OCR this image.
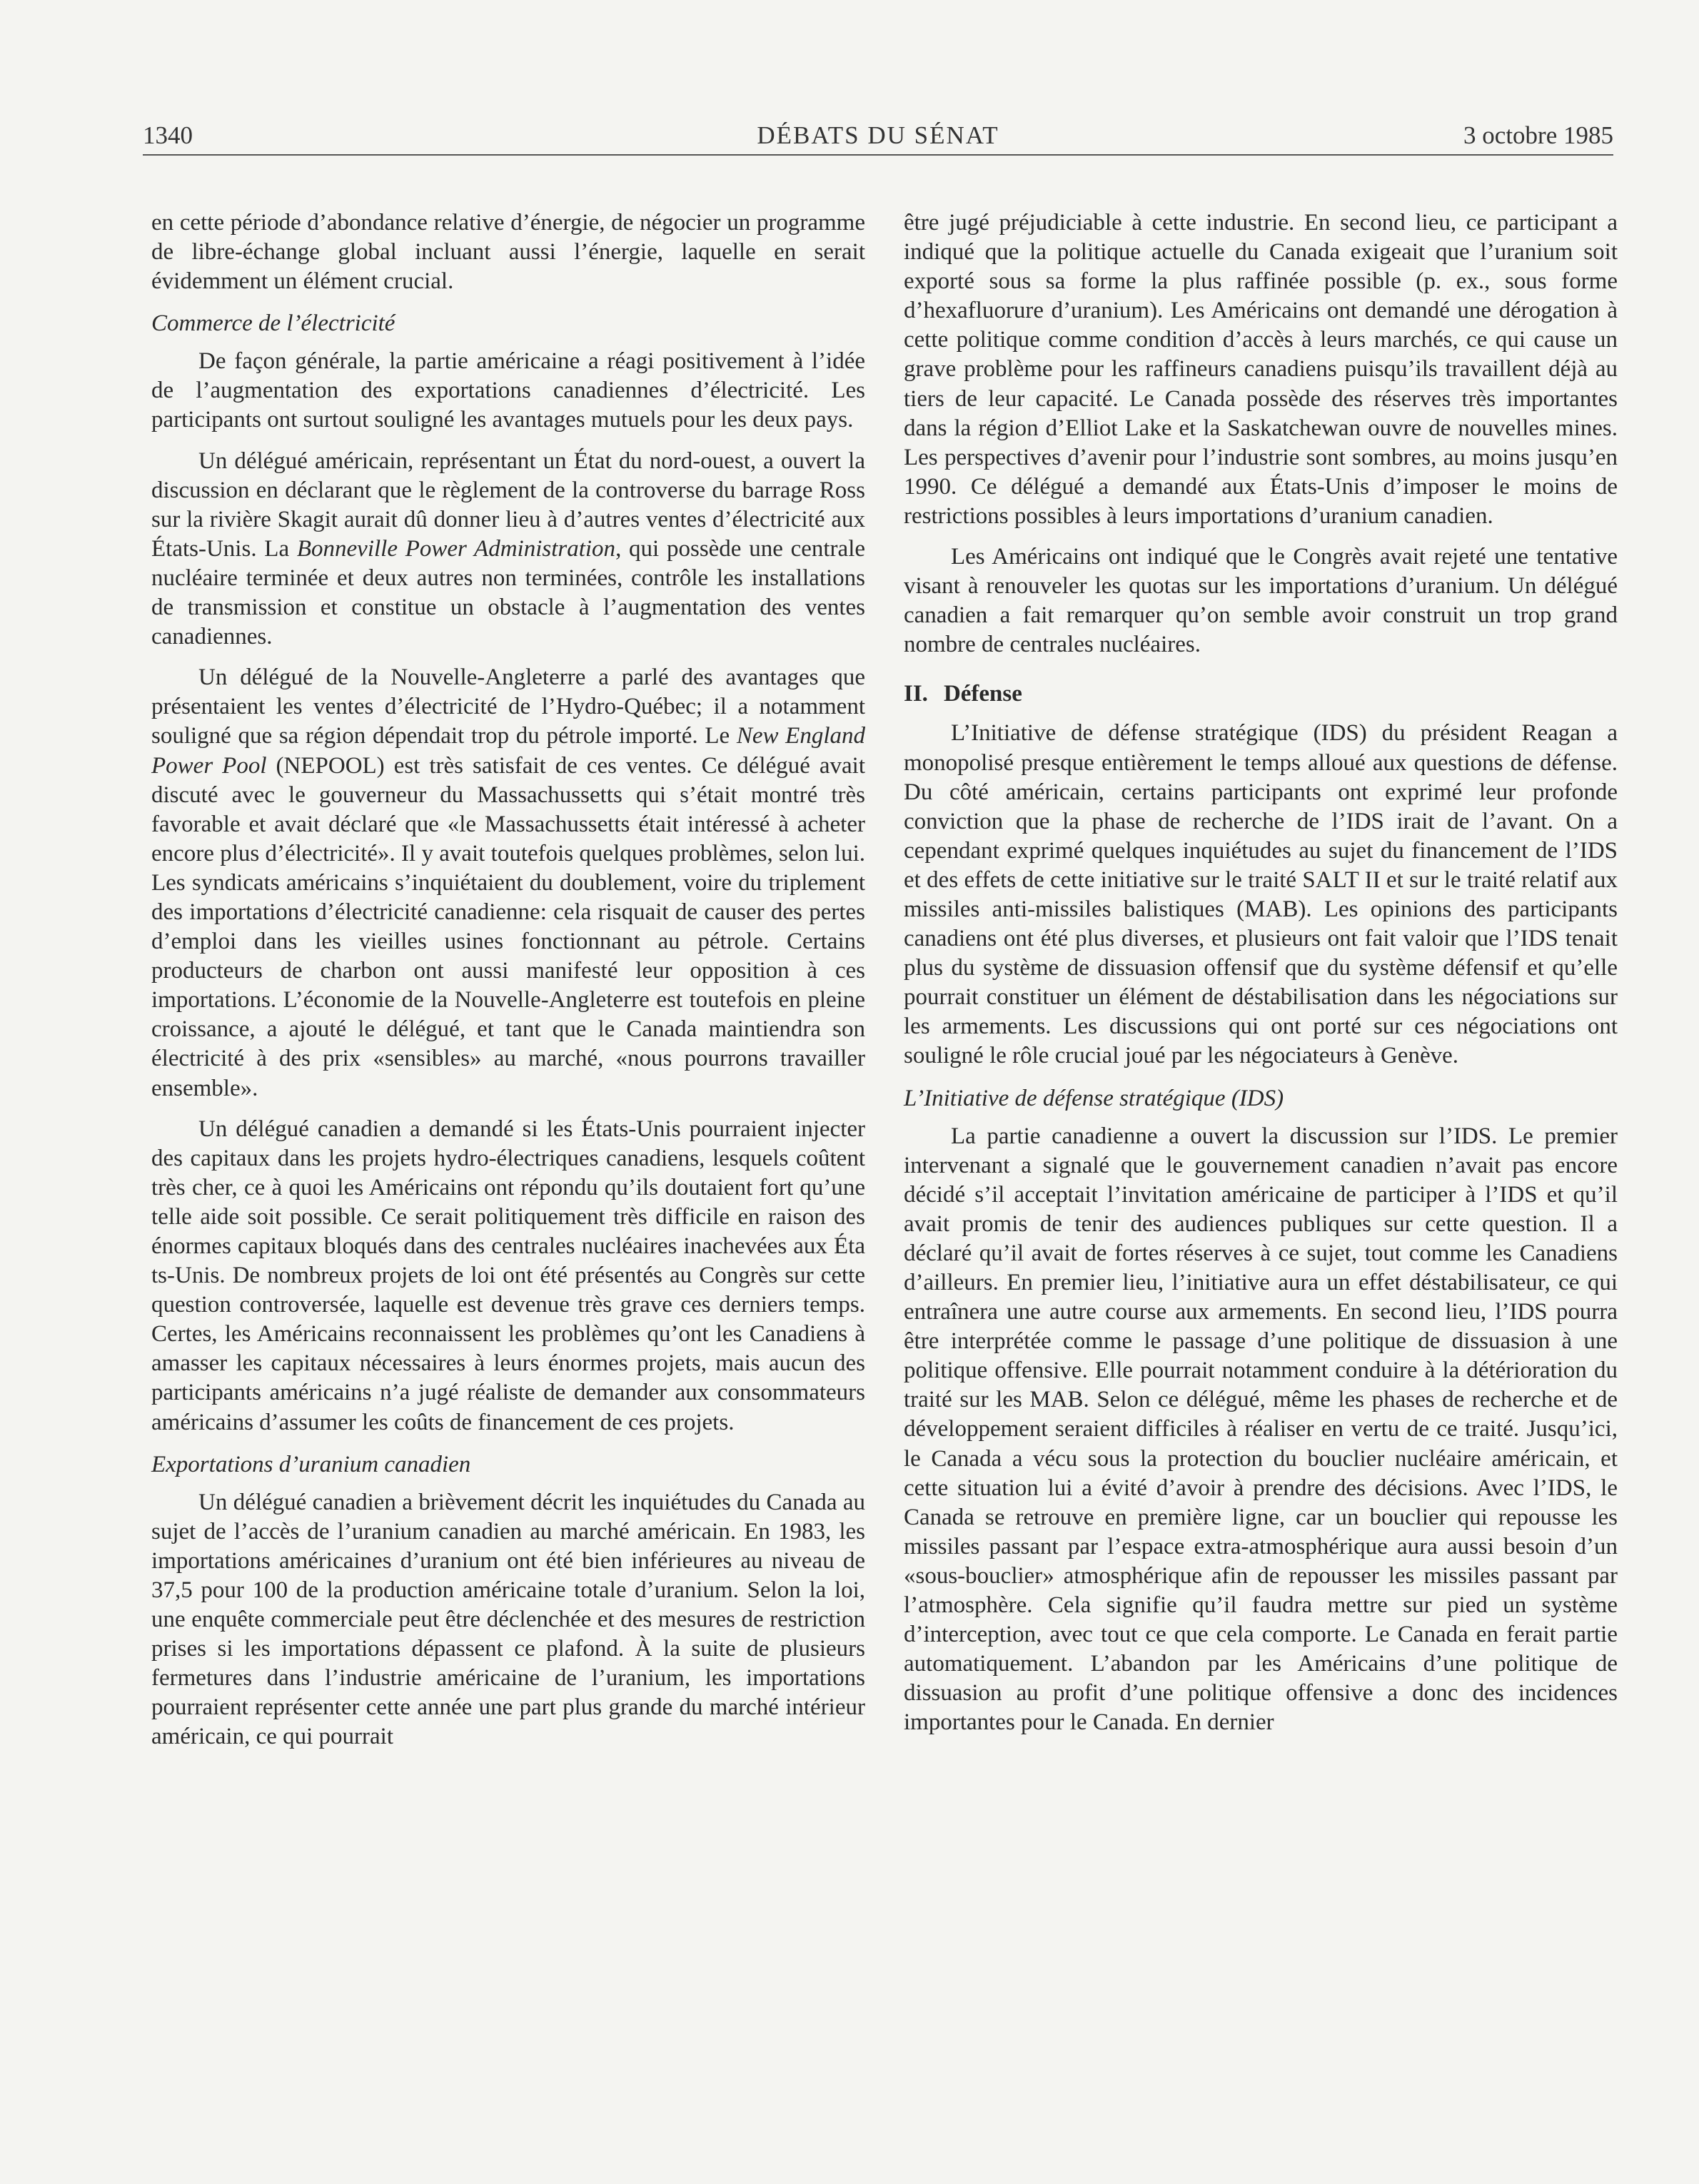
1340	DÉBATS DU SÉNAT	3 octobre 1985

en cette période d’abondance relative d’énergie, de négocier un programme de libre-échange global incluant aussi l’énergie, laquelle en serait évidemment un élément crucial.

Commerce de l’électricité

De façon générale, la partie américaine a réagi positivement à l’idée de l’augmentation des exportations canadiennes d’électricité. Les participants ont surtout souligné les avantages mutuels pour les deux pays.

Un délégué américain, représentant un État du nord-ouest, a ouvert la discussion en déclarant que le règlement de la controverse du barrage Ross sur la rivière Skagit aurait dû donner lieu à d’autres ventes d’électricité aux États-Unis. La Bonneville Power Administration, qui possède une centrale nucléaire terminée et deux autres non terminées, contrôle les installations de transmission et constitue un obstacle à l’augmentation des ventes canadiennes.

Un délégué de la Nouvelle-Angleterre a parlé des avantages que présentaient les ventes d’électricité de l’Hydro-Québec; il a notamment souligné que sa région dépendait trop du pétrole importé. Le New England Power Pool (NEPOOL) est très satisfait de ces ventes. Ce délégué avait discuté avec le gouverneur du Massachussetts qui s’était montré très favorable et avait déclaré que «le Massachussetts était intéressé à acheter encore plus d’électricité». Il y avait toutefois quelques problèmes, selon lui. Les syndicats américains s’inquiétaient du doublement, voire du triplement des importations d’électricité canadienne: cela risquait de causer des pertes d’emploi dans les vieilles usines fonctionnant au pétrole. Certains producteurs de charbon ont aussi manifesté leur opposition à ces importations. L’économie de la Nouvelle-Angleterre est toutefois en pleine croissance, a ajouté le délégué, et tant que le Canada maintiendra son électricité à des prix «sensibles» au marché, «nous pourrons travailler ensemble».

Un délégué canadien a demandé si les États-Unis pourraient injecter des capitaux dans les projets hydro-électriques canadiens, lesquels coûtent très cher, ce à quoi les Américains ont répondu qu’ils doutaient fort qu’une telle aide soit possible. Ce serait politiquement très difficile en raison des énormes capitaux bloqués dans des centrales nucléaires inachevées aux Éta ts-Unis. De nombreux projets de loi ont été présentés au Congrès sur cette question controversée, laquelle est devenue très grave ces derniers temps. Certes, les Américains reconnaissent les problèmes qu’ont les Canadiens à amasser les capitaux nécessaires à leurs énormes projets, mais aucun des participants américains n’a jugé réaliste de demander aux consommateurs américains d’assumer les coûts de financement de ces projets.

Exportations d’uranium canadien

Un délégué canadien a brièvement décrit les inquiétudes du Canada au sujet de l’accès de l’uranium canadien au marché américain. En 1983, les importations américaines d’uranium ont été bien inférieures au niveau de 37,5 pour 100 de la production américaine totale d’uranium. Selon la loi, une enquête commerciale peut être déclenchée et des mesures de restriction prises si les importations dépassent ce plafond. À la suite de plusieurs fermetures dans l’industrie américaine de l’uranium, les importations pourraient représenter cette année une part plus grande du marché intérieur américain, ce qui pourrait

être jugé préjudiciable à cette industrie. En second lieu, ce participant a indiqué que la politique actuelle du Canada exigeait que l’uranium soit exporté sous sa forme la plus raffinée possible (p. ex., sous forme d’hexafluorure d’uranium). Les Américains ont demandé une dérogation à cette politique comme condition d’accès à leurs marchés, ce qui cause un grave problème pour les raffineurs canadiens puisqu’ils travaillent déjà au tiers de leur capacité. Le Canada possède des réserves très importantes dans la région d’Elliot Lake et la Saskatchewan ouvre de nouvelles mines. Les perspectives d’avenir pour l’industrie sont sombres, au moins jusqu’en 1990. Ce délégué a demandé aux États-Unis d’imposer le moins de restrictions possibles à leurs importations d’uranium canadien.

Les Américains ont indiqué que le Congrès avait rejeté une tentative visant à renouveler les quotas sur les importations d’uranium. Un délégué canadien a fait remarquer qu’on semble avoir construit un trop grand nombre de centrales nucléaires.

II. Défense

L’Initiative de défense stratégique (IDS) du président Reagan a monopolisé presque entièrement le temps alloué aux questions de défense. Du côté américain, certains participants ont exprimé leur profonde conviction que la phase de recherche de l’IDS irait de l’avant. On a cependant exprimé quelques inquiétudes au sujet du financement de l’IDS et des effets de cette initiative sur le traité SALT II et sur le traité relatif aux missiles anti-missiles balistiques (MAB). Les opinions des participants canadiens ont été plus diverses, et plusieurs ont fait valoir que l’IDS tenait plus du système de dissuasion offensif que du système défensif et qu’elle pourrait constituer un élément de déstabilisation dans les négociations sur les armements. Les discussions qui ont porté sur ces négociations ont souligné le rôle crucial joué par les négociateurs à Genève.

L’Initiative de défense stratégique (IDS)

La partie canadienne a ouvert la discussion sur l’IDS. Le premier intervenant a signalé que le gouvernement canadien n’avait pas encore décidé s’il acceptait l’invitation américaine de participer à l’IDS et qu’il avait promis de tenir des audiences publiques sur cette question. Il a déclaré qu’il avait de fortes réserves à ce sujet, tout comme les Canadiens d’ailleurs. En premier lieu, l’initiative aura un effet déstabilisateur, ce qui entraînera une autre course aux armements. En second lieu, l’IDS pourra être interprétée comme le passage d’une politique de dissuasion à une politique offensive. Elle pourrait notamment conduire à la détérioration du traité sur les MAB. Selon ce délégué, même les phases de recherche et de développement seraient difficiles à réaliser en vertu de ce traité. Jusqu’ici, le Canada a vécu sous la protection du bouclier nucléaire américain, et cette situation lui a évité d’avoir à prendre des décisions. Avec l’IDS, le Canada se retrouve en première ligne, car un bouclier qui repousse les missiles passant par l’espace extra-atmosphérique aura aussi besoin d’un «sous-bouclier» atmosphérique afin de repousser les missiles passant par l’atmosphère. Cela signifie qu’il faudra mettre sur pied un système d’interception, avec tout ce que cela comporte. Le Canada en ferait partie automatiquement. L’abandon par les Américains d’une politique de dissuasion au profit d’une politique offensive a donc des incidences importantes pour le Canada. En dernier
